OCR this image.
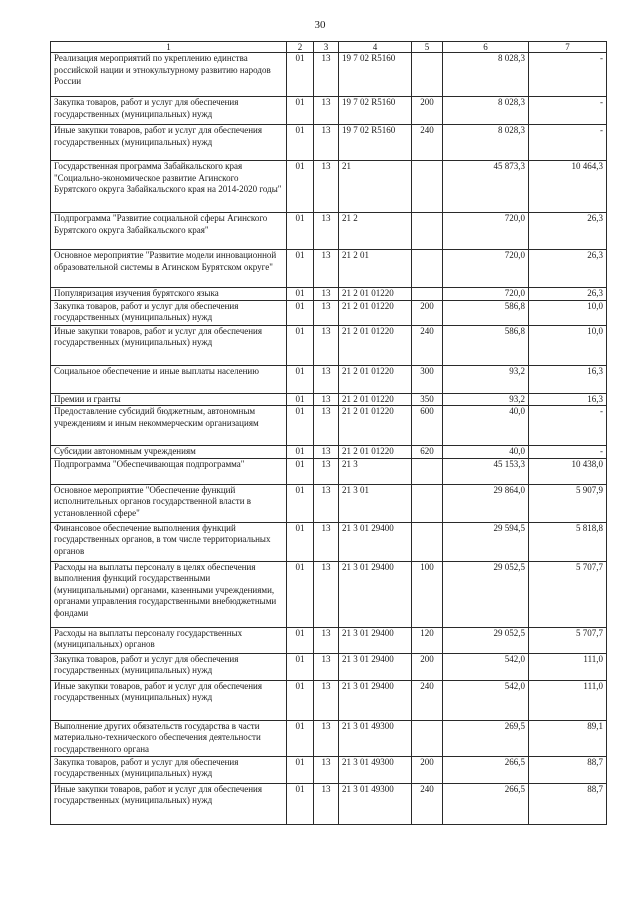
30
1	2	3	4	5	6	7
Реализация мероприятий по укреплению единства российской нации и этнокультурному развитию народов России	01	13	19 7 02 R5160		8 028,3	-
Закупка товаров, работ и услуг для обеспечения государственных (муниципальных) нужд	01	13	19 7 02 R5160	200	8 028,3	-
Иные закупки товаров, работ и услуг для обеспечения государственных (муниципальных) нужд	01	13	19 7 02 R5160	240	8 028,3	-
Государственная программа Забайкальского края "Социально-экономическое развитие Агинского Бурятского округа Забайкальского края на 2014-2020 годы"	01	13	21		45 873,3	10 464,3
Подпрограмма "Развитие социальной сферы Агинского Бурятского округа Забайкальского края"	01	13	21 2		720,0	26,3
Основное мероприятие "Развитие модели инновационной образовательной системы в Агинском Бурятском округе"	01	13	21 2 01		720,0	26,3
Популяризация изучения бурятского языка	01	13	21 2 01 01220		720,0	26,3
Закупка товаров, работ и услуг для обеспечения государственных (муниципальных) нужд	01	13	21 2 01 01220	200	586,8	10,0
Иные закупки товаров, работ и услуг для обеспечения государственных (муниципальных) нужд	01	13	21 2 01 01220	240	586,8	10,0
Социальное обеспечение и иные выплаты населению	01	13	21 2 01 01220	300	93,2	16,3
Премии и гранты	01	13	21 2 01 01220	350	93,2	16,3
Предоставление субсидий бюджетным, автономным учреждениям и иным некоммерческим организациям	01	13	21 2 01 01220	600	40,0	-
Субсидии автономным учреждениям	01	13	21 2 01 01220	620	40,0	-
Подпрограмма "Обеспечивающая подпрограмма"	01	13	21 3		45 153,3	10 438,0
Основное мероприятие "Обеспечение функций исполнительных органов государственной власти в установленной сфере"	01	13	21 3 01		29 864,0	5 907,9
Финансовое обеспечение выполнения функций государственных органов, в том числе территориальных органов	01	13	21 3 01 29400		29 594,5	5 818,8
Расходы на выплаты персоналу в целях обеспечения выполнения функций государственными (муниципальными) органами, казенными учреждениями, органами управления государственными внебюджетными фондами	01	13	21 3 01 29400	100	29 052,5	5 707,7
Расходы на выплаты персоналу государственных (муниципальных) органов	01	13	21 3 01 29400	120	29 052,5	5 707,7
Закупка товаров, работ и услуг для обеспечения государственных (муниципальных) нужд	01	13	21 3 01 29400	200	542,0	111,0
Иные закупки товаров, работ и услуг для обеспечения государственных (муниципальных) нужд	01	13	21 3 01 29400	240	542,0	111,0
Выполнение других обязательств государства в части материально-технического обеспечения деятельности государственного органа	01	13	21 3 01 49300		269,5	89,1
Закупка товаров, работ и услуг для обеспечения государственных (муниципальных) нужд	01	13	21 3 01 49300	200	266,5	88,7
Иные закупки товаров, работ и услуг для обеспечения государственных (муниципальных) нужд	01	13	21 3 01 49300	240	266,5	88,7
